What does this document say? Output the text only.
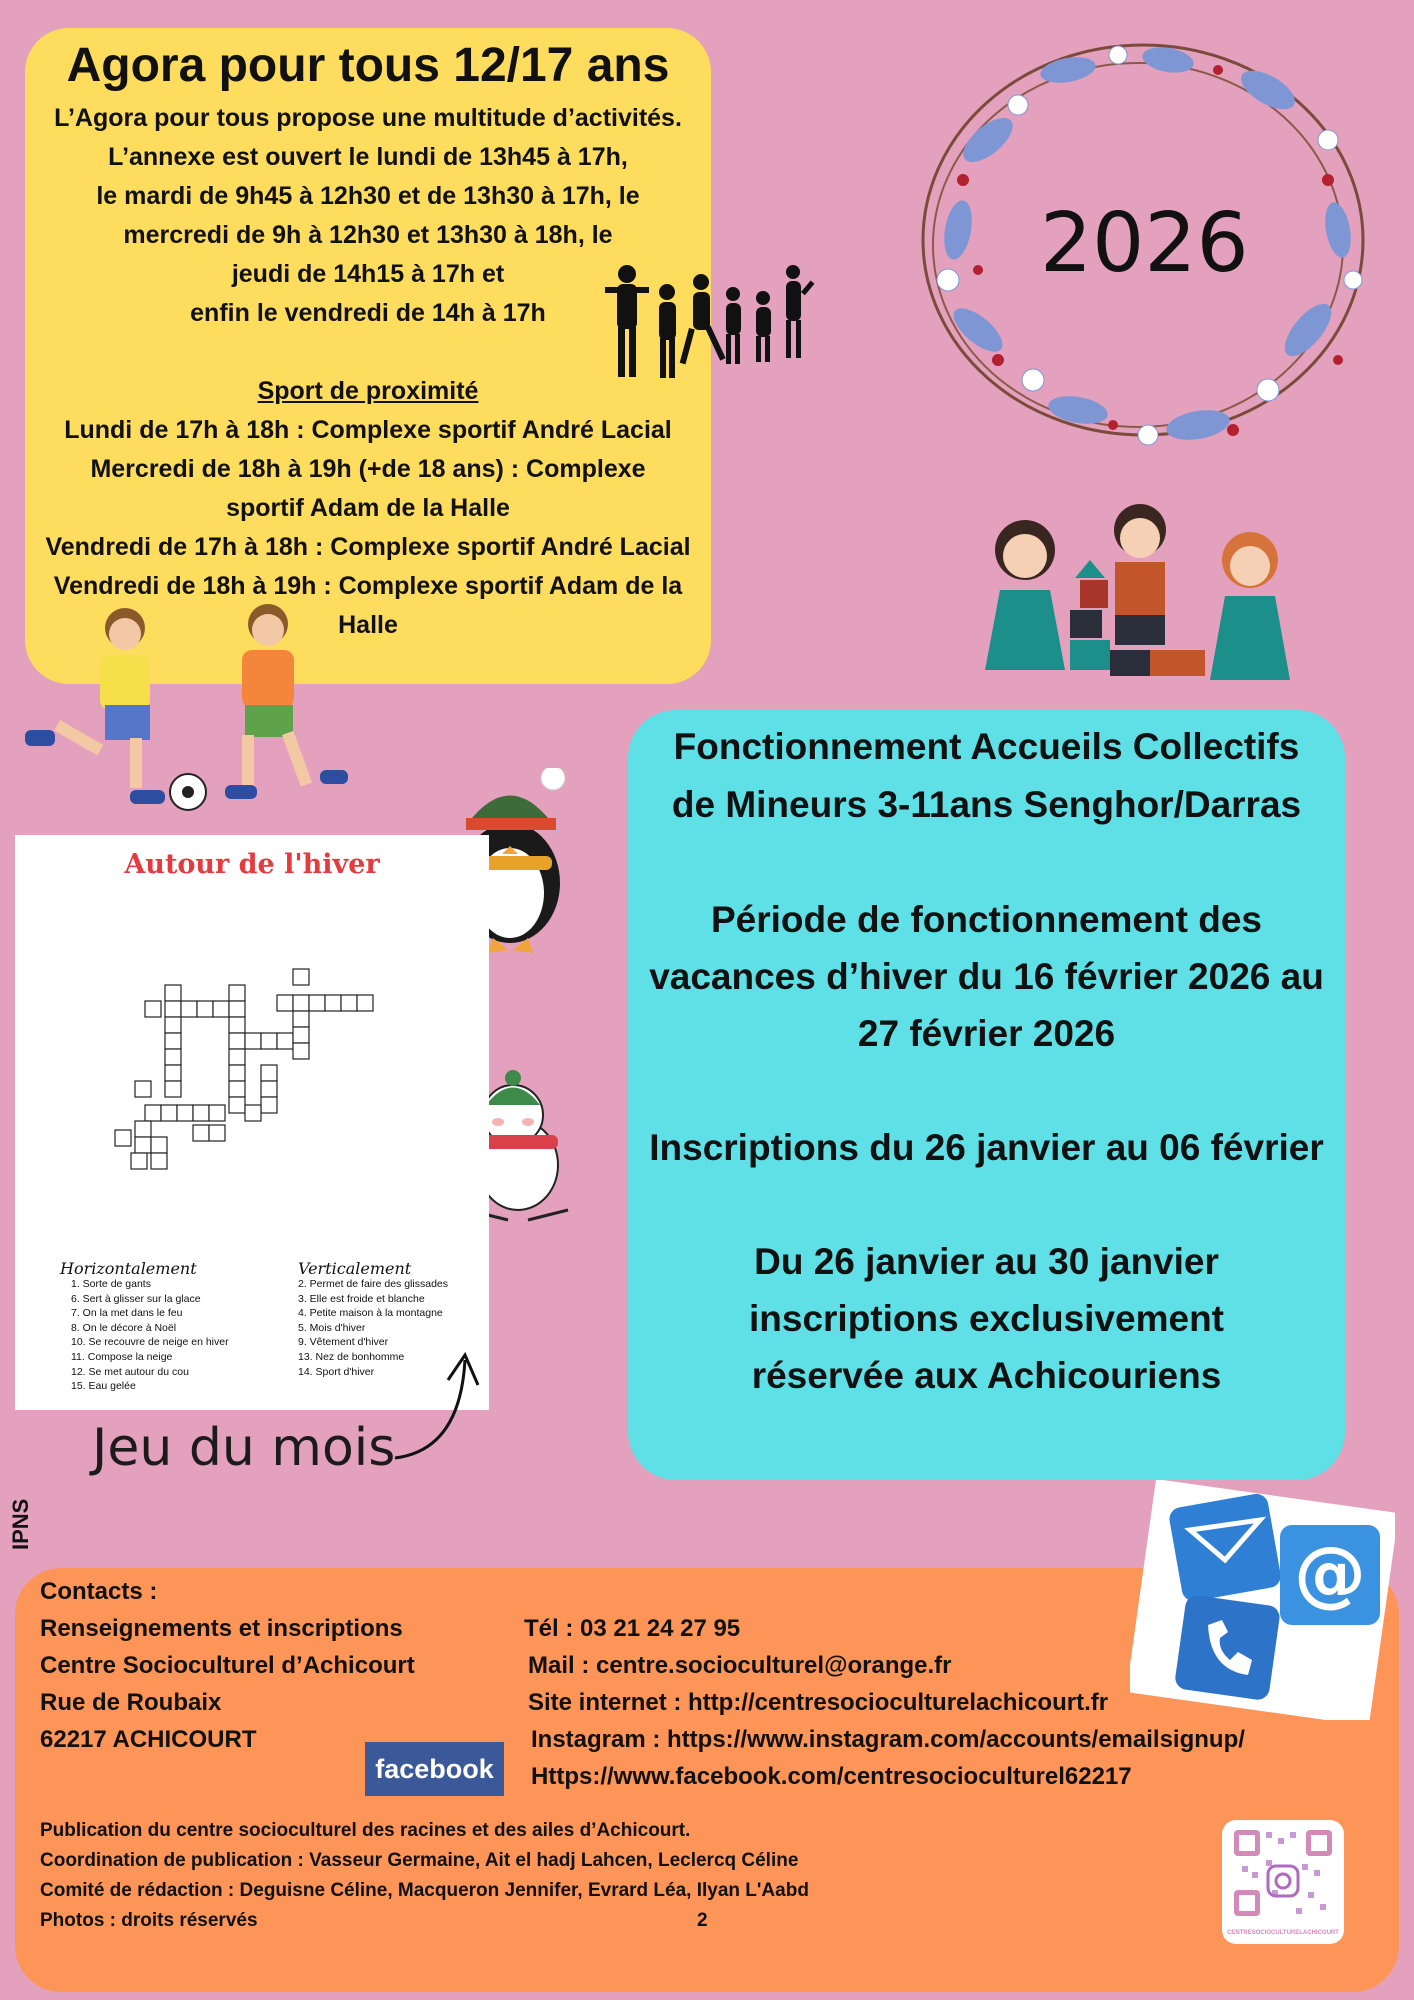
Agora pour tous 12/17 ans
L’Agora pour tous propose une multitude d’activités.
L’annexe est ouvert le lundi de 13h45 à 17h,
le mardi de 9h45 à 12h30 et de 13h30 à 17h, le
mercredi de 9h à 12h30 et 13h30 à 18h, le
jeudi de 14h15 à 17h et
enfin le vendredi de 14h à 17h
Sport de proximité
Lundi de 17h à 18h : Complexe sportif André Lacial
Mercredi de 18h à 19h (+de 18 ans) : Complexe
sportif Adam de la Halle
Vendredi de 17h à 18h : Complexe sportif André Lacial
Vendredi de 18h à 19h : Complexe sportif Adam de la
Halle
2026
Fonctionnement Accueils Collectifs
de Mineurs 3-11ans Senghor/Darras
Période de fonctionnement des
vacances d’hiver du 16 février 2026 au
27 février 2026
Inscriptions du 26 janvier au 06 février
Du 26 janvier au 30 janvier
inscriptions exclusivement
réservée aux Achicouriens
Autour de l'hiver
Horizontalement	Verticalement
1. Sorte de gants
6. Sert à glisser sur la glace
7. On la met dans le feu
8. On le décore à Noël
10. Se recouvre de neige en hiver
11. Compose la neige
12. Se met autour du cou
15. Eau gelée
2. Permet de faire des glissades
3. Elle est froide et blanche
4. Petite maison à la montagne
5. Mois d'hiver
9. Vêtement d'hiver
13. Nez de bonhomme
14. Sport d'hiver
Jeu du mois
IPNS
Contacts :
Renseignements et inscriptions
Centre Socioculturel d’Achicourt
Rue de Roubaix
62217 ACHICOURT
Tél : 03 21 24 27 95
Mail : centre.socioculturel@orange.fr
Site internet : http://centresocioculturelachicourt.fr
Instagram : https://www.instagram.com/accounts/emailsignup/
Https://www.facebook.com/centresocioculturel62217
facebook
Publication du centre socioculturel des racines et des ailes d’Achicourt.
Coordination de publication : Vasseur Germaine, Ait el hadj Lahcen, Leclercq Céline
Comité de rédaction : Deguisne Céline, Macqueron Jennifer, Evrard Léa, Ilyan L'Aabd
Photos : droits réservés	2
@
CENTRESOCIOCULTURELACHICOURT
